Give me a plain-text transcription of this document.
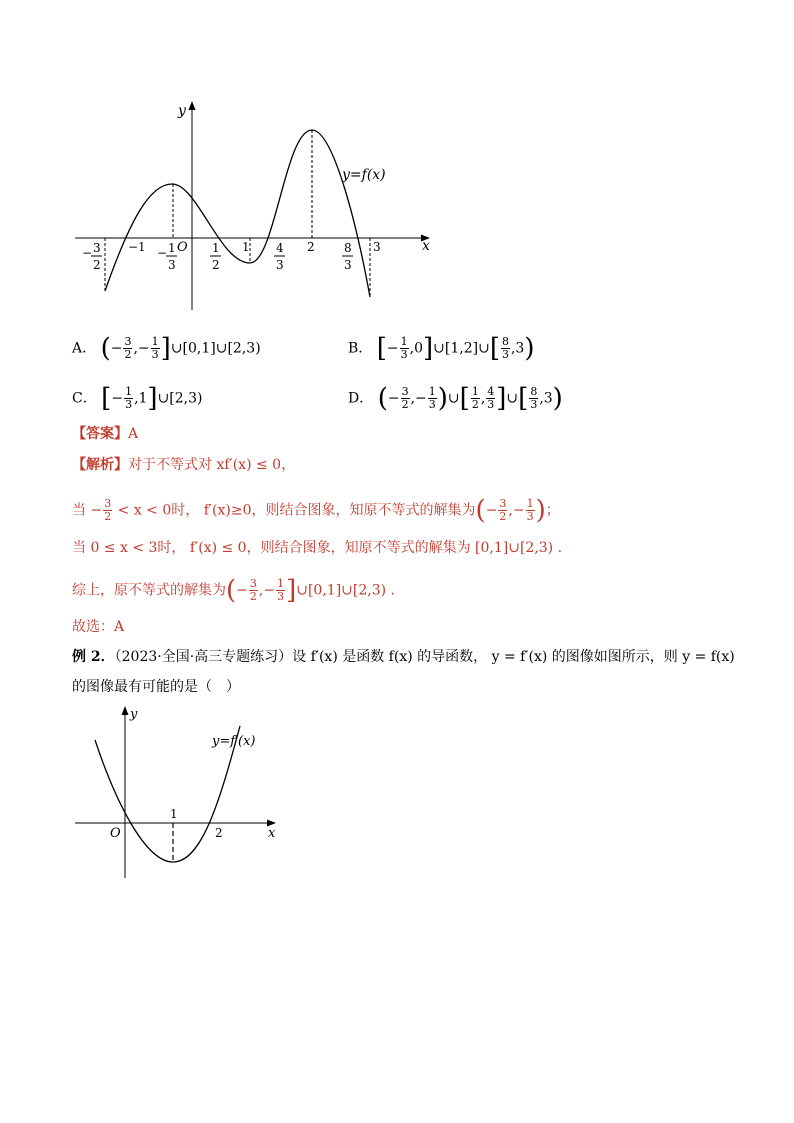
y
x
O
y=f(x)
− 3
2
−1 − 1
3
1
2
1 4
3
2 8
3
3
A． (− $\frac{3}{2}$ ,− $\frac{1}{3}$ ]∪[0,1]∪[2,3)	B． [− $\frac{1}{3}$ ,0]∪[1,2]∪[ $\frac{8}{3} ,3$)
C． [− $\frac{1}{3}$ ,1]∪[2,3)	D． (− $\frac{3}{2}$ ,− $\frac{1}{3}$ )∪[ $\frac{1}{2}$ , $\frac{4}{3}$ ]∪[ $\frac{8}{3} ,3$)
【答案】A
【解析】对于不等式对 xf′(x) ≤ 0，
当 − $\frac{3}{2} < x < 0$时， f′(x)≥0，则结合图象，知原不等式的解集为(− $\frac{3}{2}$ ,− $\frac{1}{3}$ )；
当 0 ≤ x < 3时， f′(x) ≤ 0，则结合图象，知原不等式的解集为 [0,1]∪[2,3) .
综上，原不等式的解集为(− $\frac{3}{2}$ ,− $\frac{1}{3}$ ]∪[0,1]∪[2,3) .
故选：A
例 2．（2023·全国·高三专题练习）设 f′(x) 是函数 f(x) 的导函数， y = f′(x) 的图像如图所示，则 y = f(x)
的图像最有可能的是（　）
y
x
O
y=f′(x)
1
2
